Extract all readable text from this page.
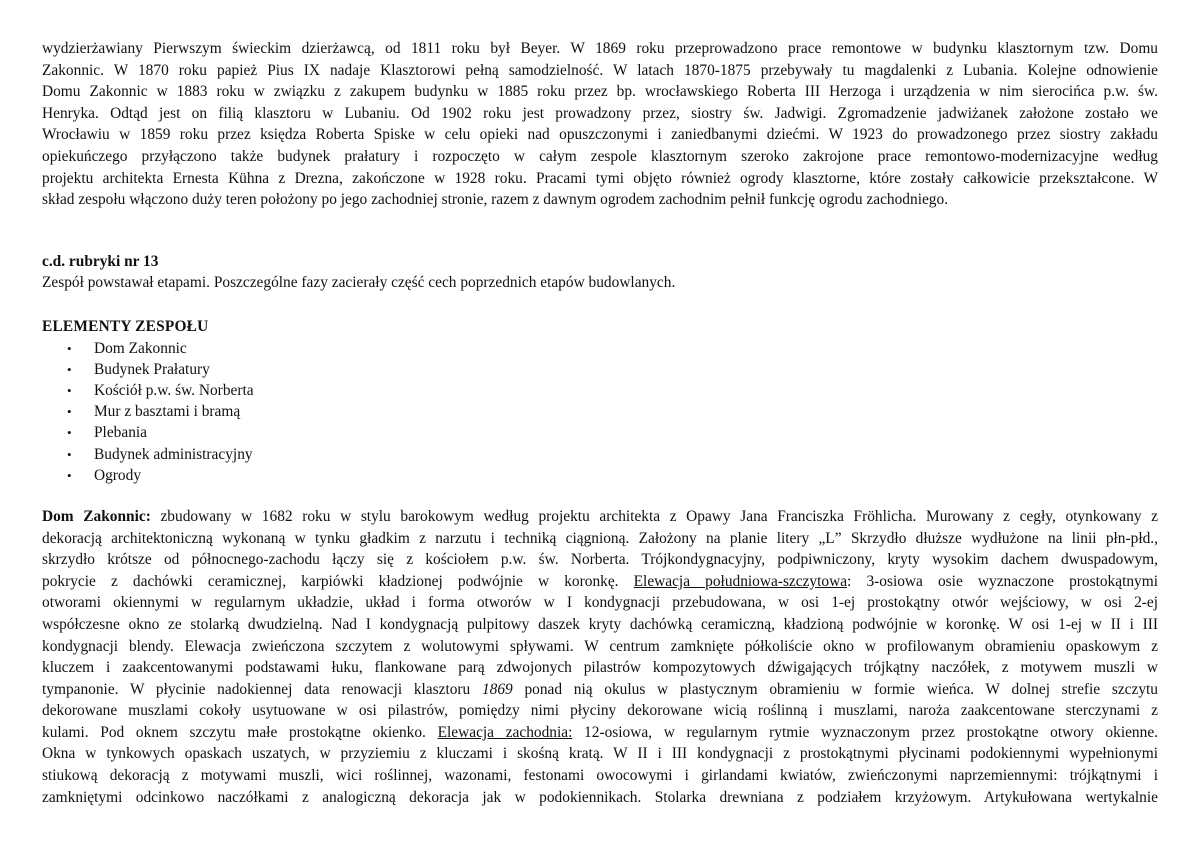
wydzierżawiany Pierwszym świeckim dzierżawcą, od 1811 roku był Beyer. W 1869 roku przeprowadzono prace remontowe w budynku klasztornym tzw. Domu
Zakonnic. W 1870 roku papież Pius IX nadaje Klasztorowi pełną samodzielność. W latach 1870-1875 przebywały tu magdalenki z Lubania. Kolejne odnowienie
Domu Zakonnic w 1883 roku w związku z zakupem budynku w 1885 roku przez bp. wrocławskiego Roberta III Herzoga i urządzenia w nim sierocińca p.w. św.
Henryka. Odtąd jest on filią klasztoru w Lubaniu. Od 1902 roku jest prowadzony przez, siostry św. Jadwigi. Zgromadzenie jadwiżanek założone zostało we
Wrocławiu w 1859 roku przez księdza Roberta Spiske w celu opieki nad opuszczonymi i zaniedbanymi dziećmi. W 1923 do prowadzonego przez siostry zakładu
opiekuńczego przyłączono także budynek prałatury i rozpoczęto w całym zespole klasztornym szeroko zakrojone prace remontowo-modernizacyjne według
projektu architekta Ernesta Kühna z Drezna, zakończone w 1928 roku. Pracami tymi objęto również ogrody klasztorne, które zostały całkowicie przekształcone. W
skład zespołu włączono duży teren położony po jego zachodniej stronie, razem z dawnym ogrodem zachodnim pełnił funkcję ogrodu zachodniego.
c.d. rubryki nr 13
Zespół powstawał etapami. Poszczególne fazy zacierały część cech poprzednich etapów budowlanych.
ELEMENTY ZESPOŁU
• Dom Zakonnic
• Budynek Prałatury
• Kościół p.w. św. Norberta
• Mur z basztami i bramą
• Plebania
• Budynek administracyjny
• Ogrody
Dom Zakonnic: zbudowany w 1682 roku w stylu barokowym według projektu architekta z Opawy Jana Franciszka Fröhlicha. Murowany z cegły, otynkowany z
dekoracją architektoniczną wykonaną w tynku gładkim z narzutu i techniką ciągnioną. Założony na planie litery „L” Skrzydło dłuższe wydłużone na linii płn-płd.,
skrzydło krótsze od północnego-zachodu łączy się z kościołem p.w. św. Norberta. Trójkondygnacyjny, podpiwniczony, kryty wysokim dachem dwuspadowym,
pokrycie z dachówki ceramicznej, karpiówki kładzionej podwójnie w koronkę. Elewacja południowa-szczytowa: 3-osiowa osie wyznaczone prostokątnymi
otworami okiennymi w regularnym układzie, układ i forma otworów w I kondygnacji przebudowana, w osi 1-ej prostokątny otwór wejściowy, w osi 2-ej
współczesne okno ze stolarką dwudzielną. Nad I kondygnacją pulpitowy daszek kryty dachówką ceramiczną, kładzioną podwójnie w koronkę. W osi 1-ej w II i III
kondygnacji blendy. Elewacja zwieńczona szczytem z wolutowymi spływami. W centrum zamknięte półkoliście okno w profilowanym obramieniu opaskowym z
kluczem i zaakcentowanymi podstawami łuku, flankowane parą zdwojonych pilastrów kompozytowych dźwigających trójkątny naczółek, z motywem muszli w
tympanonie. W płycinie nadokiennej data renowacji klasztoru 1869 ponad nią okulus w plastycznym obramieniu w formie wieńca. W dolnej strefie szczytu
dekorowane muszlami cokoły usytuowane w osi pilastrów, pomiędzy nimi płyciny dekorowane wicią roślinną i muszlami, naroża zaakcentowane sterczynami z
kulami. Pod oknem szczytu małe prostokątne okienko. Elewacja zachodnia: 12-osiowa, w regularnym rytmie wyznaczonym przez prostokątne otwory okienne.
Okna w tynkowych opaskach uszatych, w przyziemiu z kluczami i skośną kratą. W II i III kondygnacji z prostokątnymi płycinami podokiennymi wypełnionymi
stiukową dekoracją z motywami muszli, wici roślinnej, wazonami, festonami owocowymi i girlandami kwiatów, zwieńczonymi naprzemiennymi: trójkątnymi i
zamkniętymi odcinkowo naczółkami z analogiczną dekoracja jak w podokiennikach. Stolarka drewniana z podziałem krzyżowym. Artykułowana wertykalnie
